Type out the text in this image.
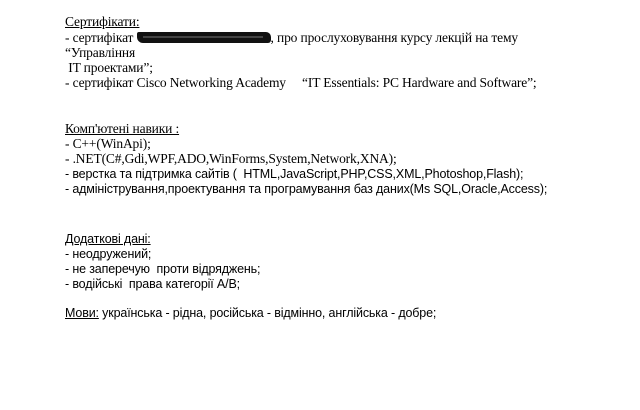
Сертифікати:
- сертифікат	, про прослуховування курсу лекцій на тему
“Управління
IT проектами”;
- сертифікат Cisco Networking Academy     “IT Essentials: PC Hardware and Software”;
Комп'ютені навики :
- C++(WinApi);
- .NET(C#,Gdi,WPF,ADO,WinForms,System,Network,XNA);
- верстка та підтримка сайтів (  HTML,JavaScript,PHP,CSS,XML,Photoshop,Flash);
- адміністрування,проектування та програмування баз даних(Ms SQL,Oracle,Access);
Додаткові дані:
- неодружений;
- не заперечую  проти відряджень;
- водійські  права категорії А/В;
Мови: українська - рідна, російська - відмінно, англійська - добре;
